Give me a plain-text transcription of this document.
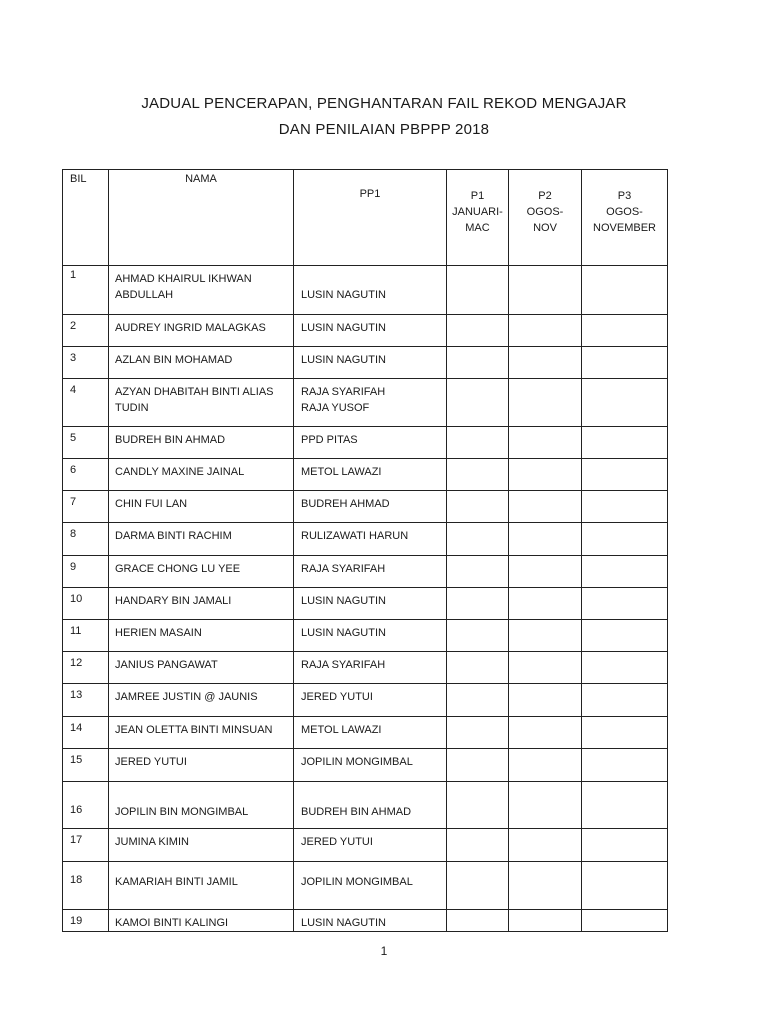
JADUAL PENCERAPAN, PENGHANTARAN FAIL REKOD MENGAJAR
DAN PENILAIAN PBPPP 2018
BIL	NAMA	PP1	P1
JANUARI-
MAC	P2
OGOS-
NOV	P3
OGOS-
NOVEMBER

1	AHMAD KHAIRUL IKHWAN
ABDULLAH	LUSIN NAGUTIN			

2	AUDREY INGRID MALAGKAS	LUSIN NAGUTIN			

3	AZLAN BIN MOHAMAD	LUSIN NAGUTIN			

4	AZYAN DHABITAH BINTI ALIAS
TUDIN	RAJA SYARIFAH
RAJA YUSOF			

5	BUDREH BIN AHMAD	PPD PITAS			

6	CANDLY MAXINE JAINAL	METOL LAWAZI			

7	CHIN FUI LAN	BUDREH AHMAD			

8	DARMA BINTI RACHIM	RULIZAWATI HARUN			

9	GRACE CHONG LU YEE	RAJA SYARIFAH			

10	HANDARY BIN JAMALI	LUSIN NAGUTIN			

11	HERIEN MASAIN	LUSIN NAGUTIN			

12	JANIUS PANGAWAT	RAJA SYARIFAH			

13	JAMREE JUSTIN @ JAUNIS	JERED YUTUI			

14	JEAN OLETTA BINTI MINSUAN	METOL LAWAZI			

15	JERED YUTUI	JOPILIN MONGIMBAL			

16	JOPILIN BIN MONGIMBAL	BUDREH BIN AHMAD			

17	JUMINA KIMIN	JERED YUTUI			

18	KAMARIAH BINTI JAMIL	JOPILIN MONGIMBAL			

19	KAMOI BINTI KALINGI	LUSIN NAGUTIN			

1
